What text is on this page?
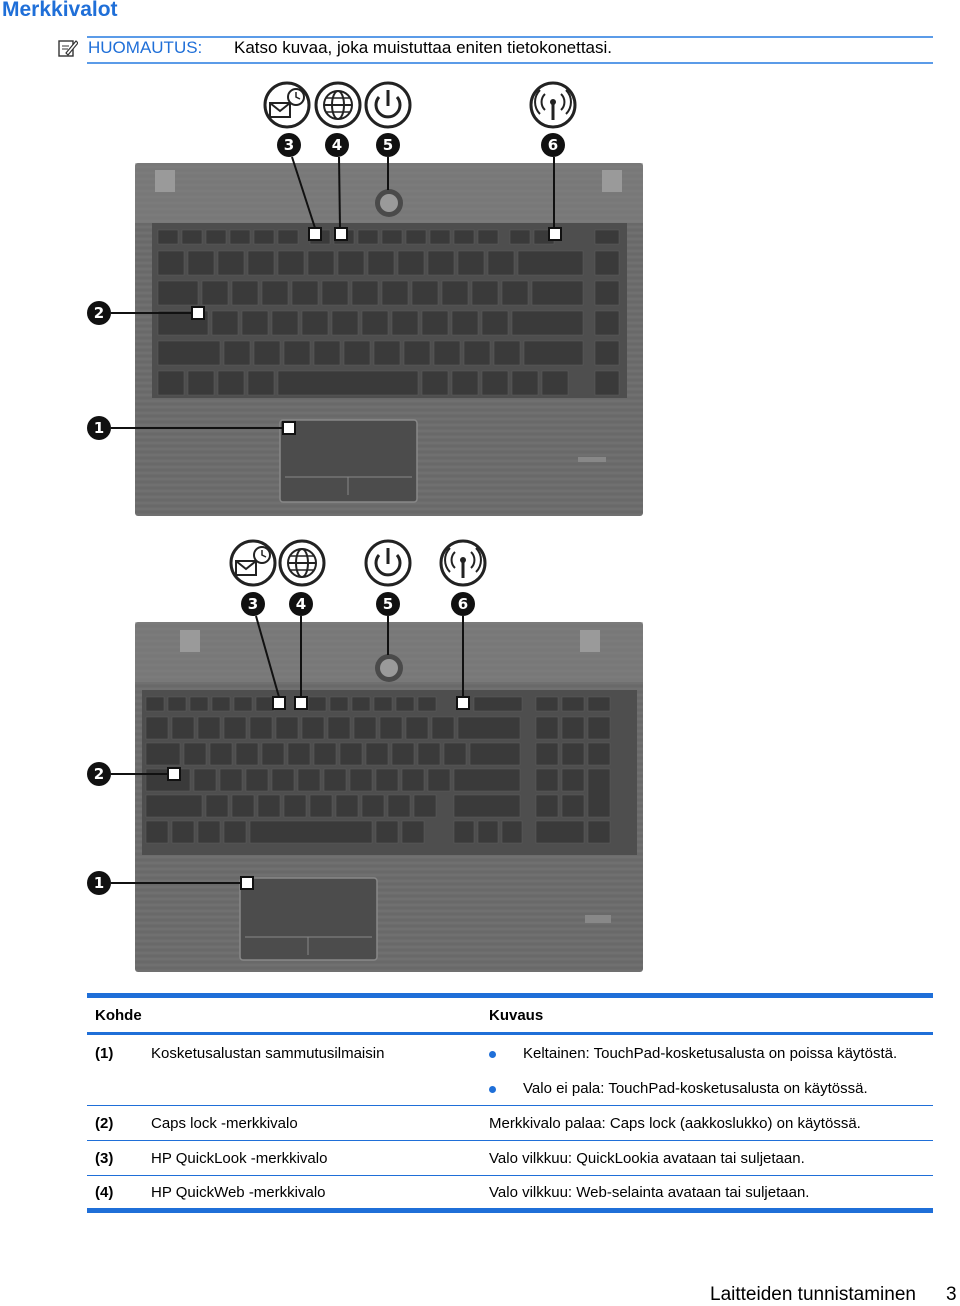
Merkkivalot
HUOMAUTUS: Katso kuvaa, joka muistuttaa eniten tietokonettasi.
3	4	5	6
2
1
3	4	5	6
2
1
Kohde	Kuvaus
(1)	Kosketusalustan sammutusilmaisin	Keltainen: TouchPad-kosketusalusta on poissa käytöstä.
Valo ei pala: TouchPad-kosketusalusta on käytössä.
(2)	Caps lock -merkkivalo	Merkkivalo palaa: Caps lock (aakkoslukko) on käytössä.
(3)	HP QuickLook -merkkivalo	Valo vilkkuu: QuickLookia avataan tai suljetaan.
(4)	HP QuickWeb -merkkivalo	Valo vilkkuu: Web-selainta avataan tai suljetaan.
Laitteiden tunnistaminen 3
